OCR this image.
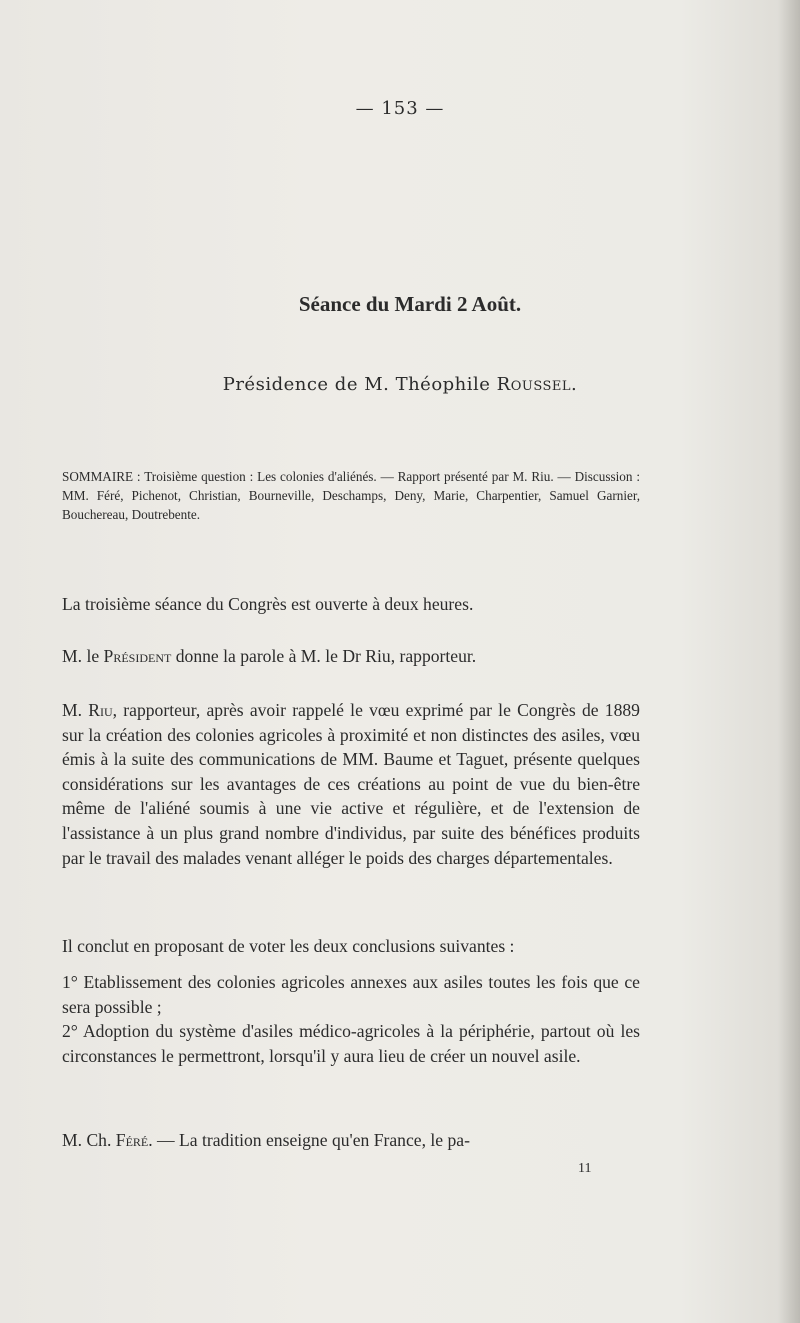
— 153 —
Séance du Mardi 2 Août.
Présidence de M. Théophile Roussel.
SOMMAIRE : Troisième question : Les colonies d'aliénés. — Rapport présenté par M. Riu. — Discussion : MM. Féré, Pichenot, Christian, Bourneville, Deschamps, Deny, Marie, Charpentier, Samuel Garnier, Bouchereau, Doutrebente.
La troisième séance du Congrès est ouverte à deux heures.
M. le Président donne la parole à M. le Dr Riu, rapporteur.
M. Riu, rapporteur, après avoir rappelé le vœu exprimé par le Congrès de 1889 sur la création des colonies agricoles à proximité et non distinctes des asiles, vœu émis à la suite des communications de MM. Baume et Taguet, présente quelques considérations sur les avantages de ces créations au point de vue du bien-être même de l'aliéné soumis à une vie active et régulière, et de l'extension de l'assistance à un plus grand nombre d'individus, par suite des bénéfices produits par le travail des malades venant alléger le poids des charges départementales.
Il conclut en proposant de voter les deux conclusions suivantes :
1° Etablissement des colonies agricoles annexes aux asiles toutes les fois que ce sera possible ;
2° Adoption du système d'asiles médico-agricoles à la périphérie, partout où les circonstances le permettront, lorsqu'il y aura lieu de créer un nouvel asile.
M. Ch. Féré. — La tradition enseigne qu'en France, le pa-
11
